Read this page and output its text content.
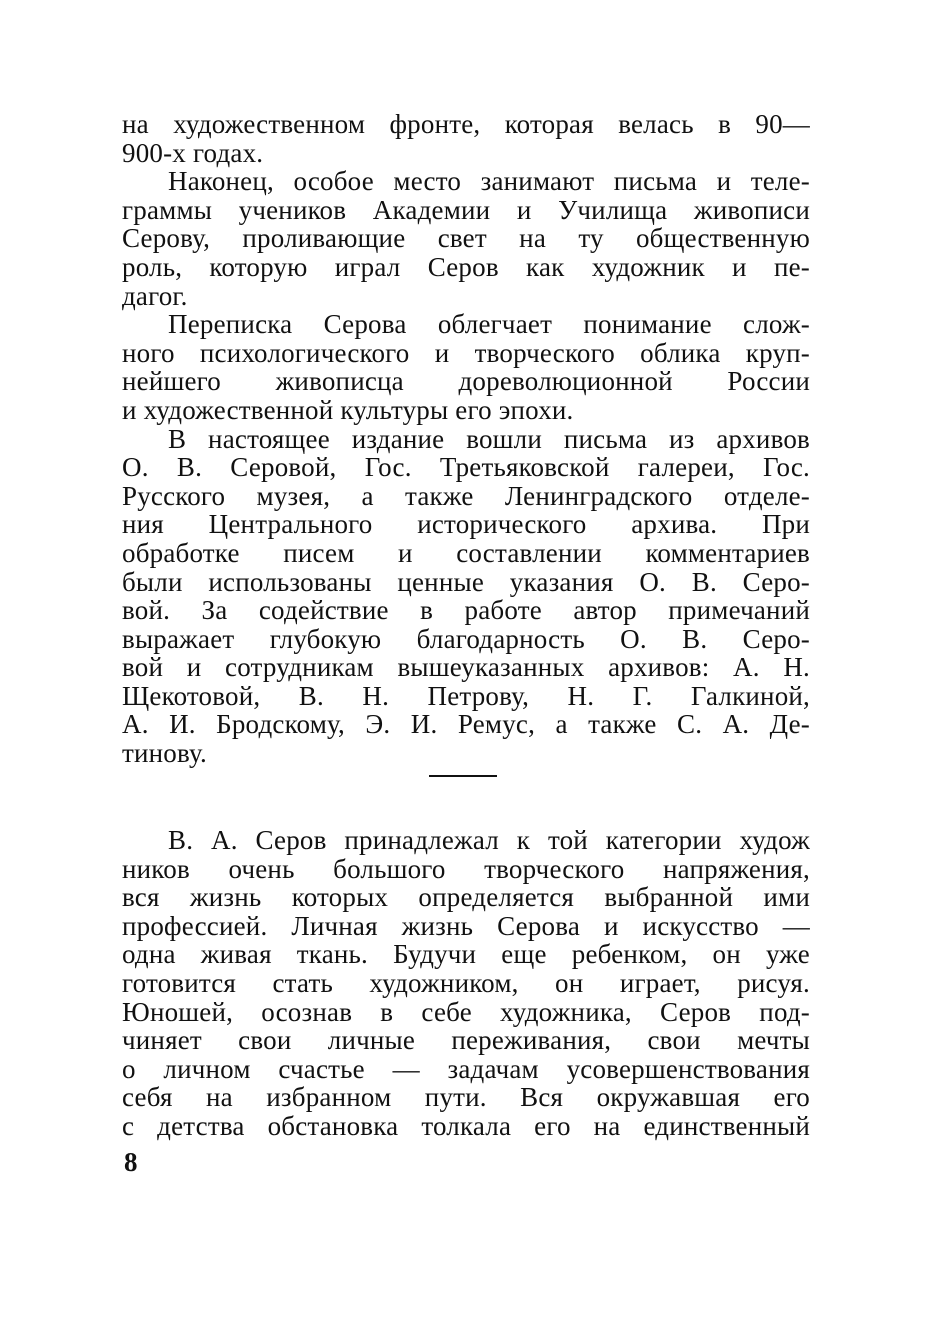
на художественном фронте, которая велась в 90—
900-х годах.
Наконец, особое место занимают письма и теле-
граммы учеников Академии и Училища живописи
Серову, проливающие свет на ту общественную
роль, которую играл Серов как художник и пе-
дагог.
Переписка Серова облегчает понимание слож-
ного психологического и творческого облика круп-
нейшего живописца дореволюционной России
и художественной культуры его эпохи.
В настоящее издание вошли письма из архивов
О. В. Серовой, Гос. Третьяковской галереи, Гос.
Русского музея, а также Ленинградского отделе-
ния Центрального исторического архива. При
обработке писем и составлении комментариев
были использованы ценные указания О. В. Серо-
вой. За содействие в работе автор примечаний
выражает глубокую благодарность О. В. Серо-
вой и сотрудникам вышеуказанных архивов: А. Н.
Щекотовой, В. Н. Петрову, Н. Г. Галкиной,
А. И. Бродскому, Э. И. Ремус, а также С. А. Де-
тинову.
В. А. Серов принадлежал к той категории худож
ников очень большого творческого напряжения,
вся жизнь которых определяется выбранной ими
профессией. Личная жизнь Серова и искусство —
одна живая ткань. Будучи еще ребенком, он уже
готовится стать художником, он играет, рисуя.
Юношей, осознав в себе художника, Серов под-
чиняет свои личные переживания, свои мечты
о личном счастье — задачам усовершенствования
себя на избранном пути. Вся окружавшая его
с детства обстановка толкала его на единственный
8
